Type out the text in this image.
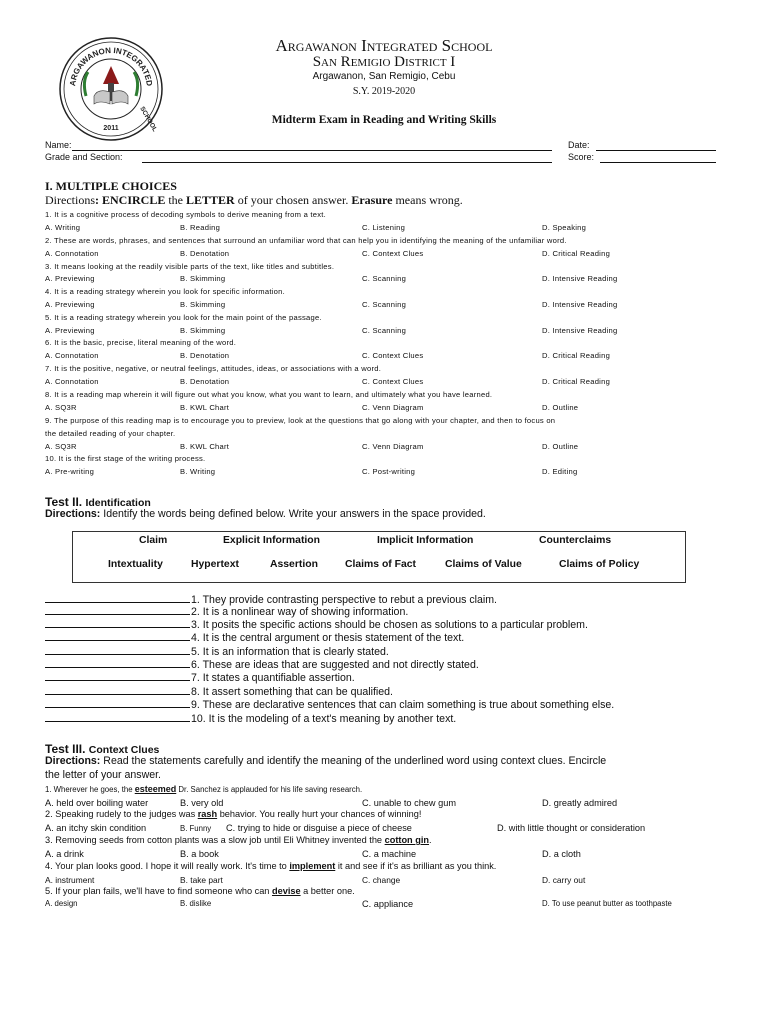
ARGAWANON INTEGRATED
SCHOOL
2011
Argawanon Integrated School
San Remigio District I
Argawanon, San Remigio, Cebu
S.Y. 2019-2020
Midterm Exam in Reading and Writing Skills
Name:	Date:
Grade and Section:	Score:
I. MULTIPLE CHOICES
Directions: ENCIRCLE the LETTER of your chosen answer. Erasure means wrong.
1. It is a cognitive process of decoding symbols to derive meaning from a text.
A. Writing	B. Reading	C. Listening	D. Speaking
2. These are words, phrases, and sentences that surround an unfamiliar word that can help you in identifying the meaning of the unfamiliar word.
A. Connotation	B. Denotation	C. Context Clues	D. Critical Reading
3. It means looking at the readily visible parts of the text, like titles and subtitles.
A. Previewing	B. Skimming	C. Scanning	D. Intensive Reading
4. It is a reading strategy wherein you look for specific information.
A. Previewing	B. Skimming	C. Scanning	D. Intensive Reading
5. It is a reading strategy wherein you look for the main point of the passage.
A. Previewing	B. Skimming	C. Scanning	D. Intensive Reading
6. It is the basic, precise, literal meaning of the word.
A. Connotation	B. Denotation	C. Context Clues	D. Critical Reading
7. It is the positive, negative, or neutral feelings, attitudes, ideas, or associations with a word.
A. Connotation	B. Denotation	C. Context Clues	D. Critical Reading
8. It is a reading map wherein it will figure out what you know, what you want to learn, and ultimately what you have learned.
A. SQ3R	B. KWL Chart	C. Venn Diagram	D. Outline
9. The purpose of this reading map is to encourage you to preview, look at the questions that go along with your chapter, and then to focus on
the detailed reading of your chapter.
A. SQ3R	B. KWL Chart	C. Venn Diagram	D. Outline
10. It is the first stage of the writing process.
A. Pre-writing	B. Writing	C. Post-writing	D. Editing
Test II. Identification
Directions: Identify the words being defined below. Write your answers in the space provided.
Claim	Explicit Information	Implicit Information	Counterclaims
Intextuality	Hypertext	Assertion	Claims of Fact	Claims of Value	Claims of Policy
1. They provide contrasting perspective to rebut a previous claim.
2. It is a nonlinear way of showing information.
3. It posits the specific actions should be chosen as solutions to a particular problem.
4. It is the central argument or thesis statement of the text.
5. It is an information that is clearly stated.
6. These are ideas that are suggested and not directly stated.
7. It states a quantifiable assertion.
8. It assert something that can be qualified.
9. These are declarative sentences that can claim something is true about something else.
10. It is the modeling of a text's meaning by another text.
Test III. Context Clues
Directions: Read the statements carefully and identify the meaning of the underlined word using context clues. Encircle
the letter of your answer.
1. Wherever he goes, the esteemed Dr. Sanchez is applauded for his life saving research.
A. held over boiling water	B. very old	C. unable to chew gum	D. greatly admired
2. Speaking rudely to the judges was rash behavior. You really hurt your chances of winning!
A. an itchy skin condition	B. Funny C. trying to hide or disguise a piece of cheese	D. with little thought or consideration
3. Removing seeds from cotton plants was a slow job until Eli Whitney invented the cotton gin.
A. a drink	B. a book	C. a machine	D. a cloth
4. Your plan looks good. I hope it will really work. It's time to implement it and see if it's as brilliant as you think.
A. instrument	B. take part	C. change	D. carry out
5. If your plan fails, we'll have to find someone who can devise a better one.
A. design	B. dislike	C. appliance	D. To use peanut butter as toothpaste
